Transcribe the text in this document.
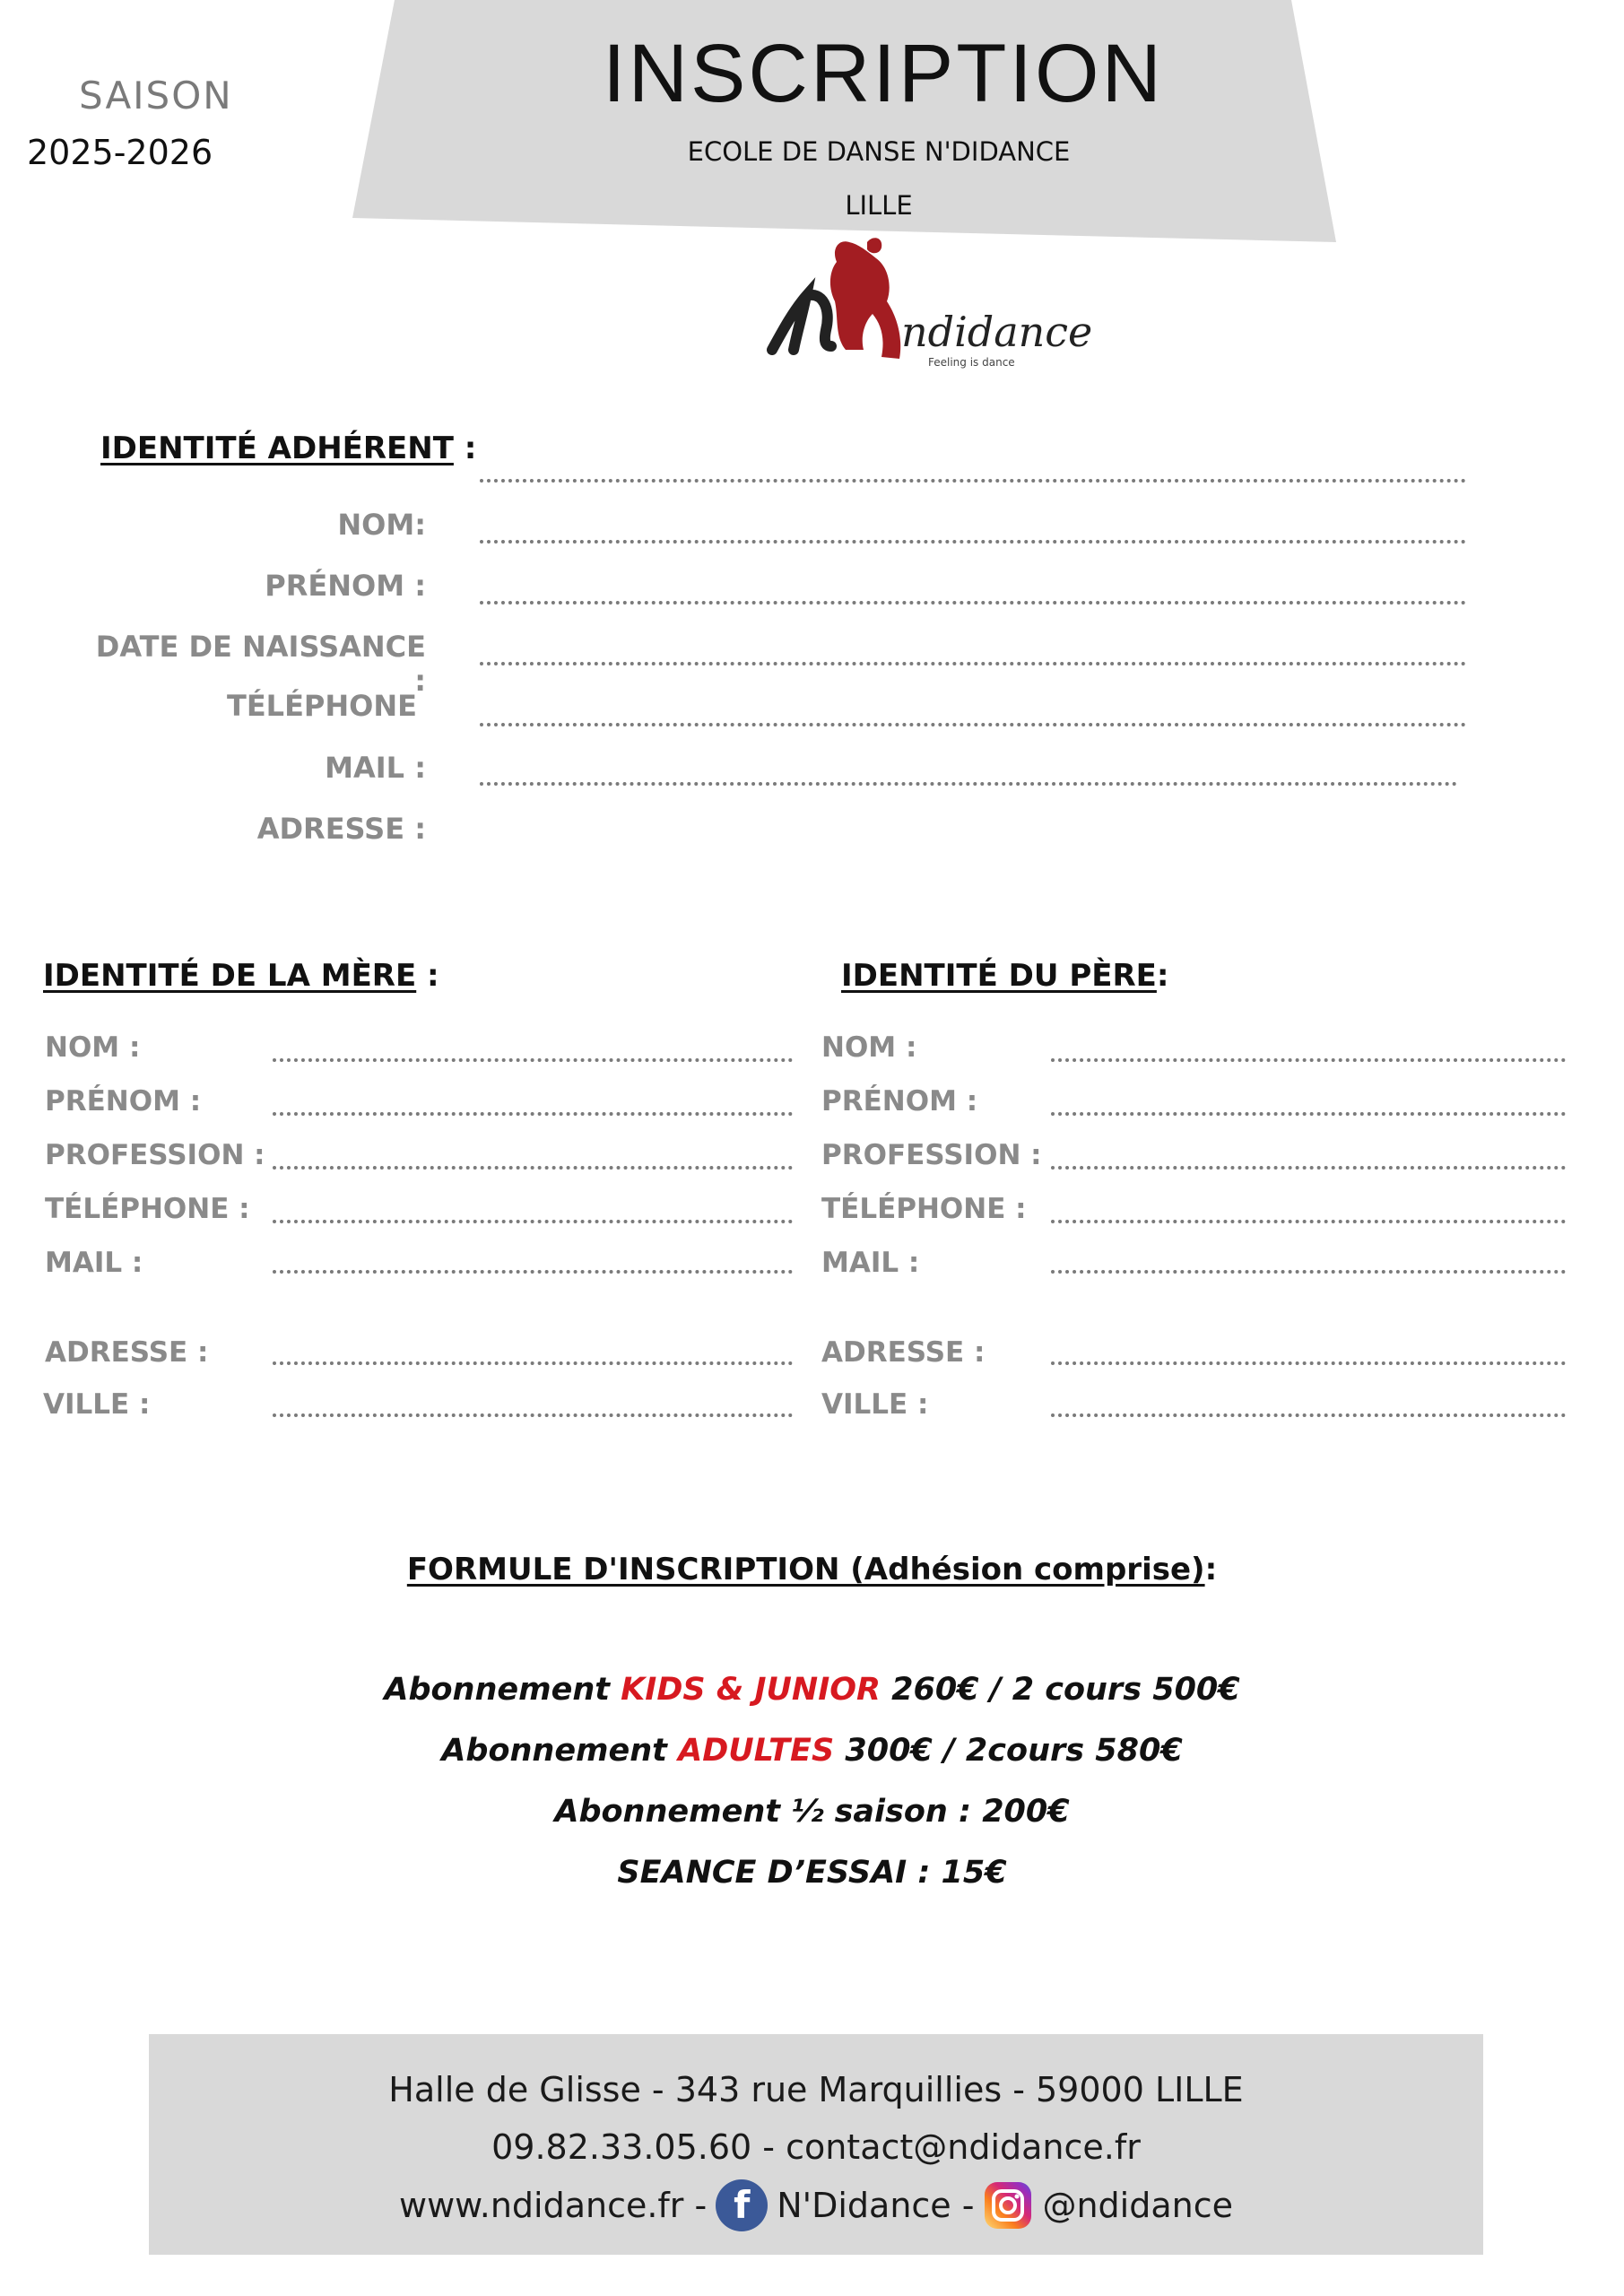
SAISON
2025-2026
INSCRIPTION
ECOLE DE DANSE N'DIDANCE
LILLE
ndidance
Feeling is dance
IDENTITÉ ADHÉRENT :
NOM:
PRÉNOM :
DATE DE NAISSANCE :
TÉLÉPHONE
MAIL :
ADRESSE :
IDENTITÉ DE LA MÈRE :
NOM :
PRÉNOM :
PROFESSION :
TÉLÉPHONE :
MAIL :
ADRESSE :
VILLE :
IDENTITÉ DU PÈRE:
NOM :
PRÉNOM :
PROFESSION :
TÉLÉPHONE :
MAIL :
ADRESSE :
VILLE :
FORMULE D'INSCRIPTION (Adhésion comprise):
Abonnement KIDS & JUNIOR 260€ / 2 cours 500€
Abonnement ADULTES 300€ / 2cours 580€
Abonnement ½ saison : 200€
SEANCE D’ESSAI : 15€
Halle de Glisse - 343 rue Marquillies - 59000 LILLE
09.82.33.05.60 - contact@ndidance.fr
www.ndidance.fr - f N'Didance - @ndidance
